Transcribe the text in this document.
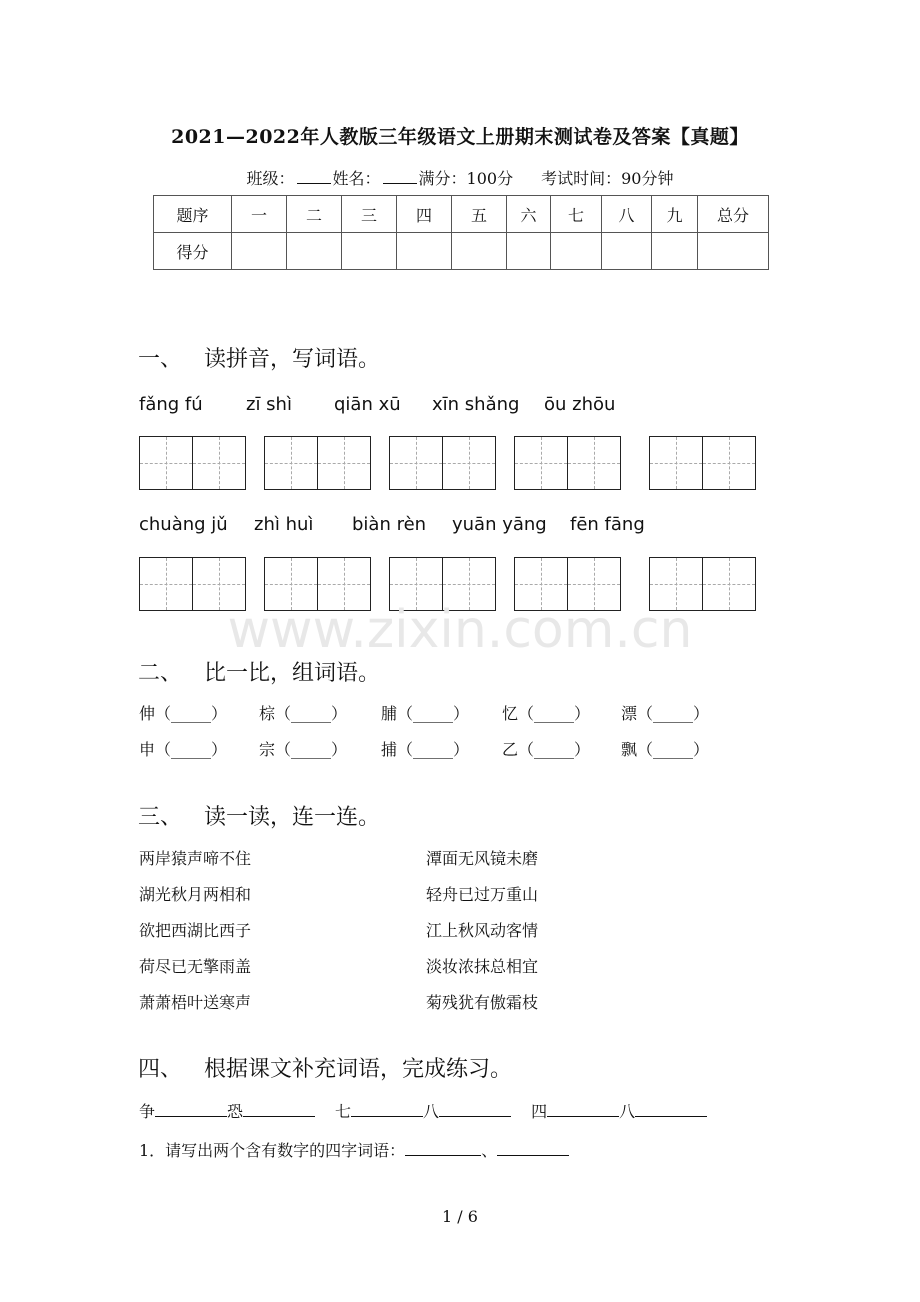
2021—2022年人教版三年级语文上册期末测试卷及答案【真题】
班级： 姓名： 满分：100分 考试时间：90分钟
题序	一	二	三	四	五	六	七	八	九	总分
得分										
一、 读拼音，写词语。
fǎng fú zī shì qiān xū xīn shǎng ōu zhōu
chuàng jǔ zhì huì biàn rèn yuān yāng fēn fāng
www.zixin.com.cn
二、 比一比，组词语。
伸（_____） 棕（_____） 脯（_____） 忆（_____） 漂（_____）
申（_____） 宗（_____） 捕（_____） 乙（_____） 飘（_____）
三、 读一读，连一连。
两岸猿声啼不住
湖光秋月两相和
欲把西湖比西子
荷尽已无擎雨盖
萧萧梧叶送寒声
潭面无风镜未磨
轻舟已过万重山
江上秋风动客情
淡妆浓抹总相宜
菊残犹有傲霜枝
四、 根据课文补充词语，完成练习。
争	恐	七	八	四	八
1．请写出两个含有数字的四字词语：	、
1 / 6
